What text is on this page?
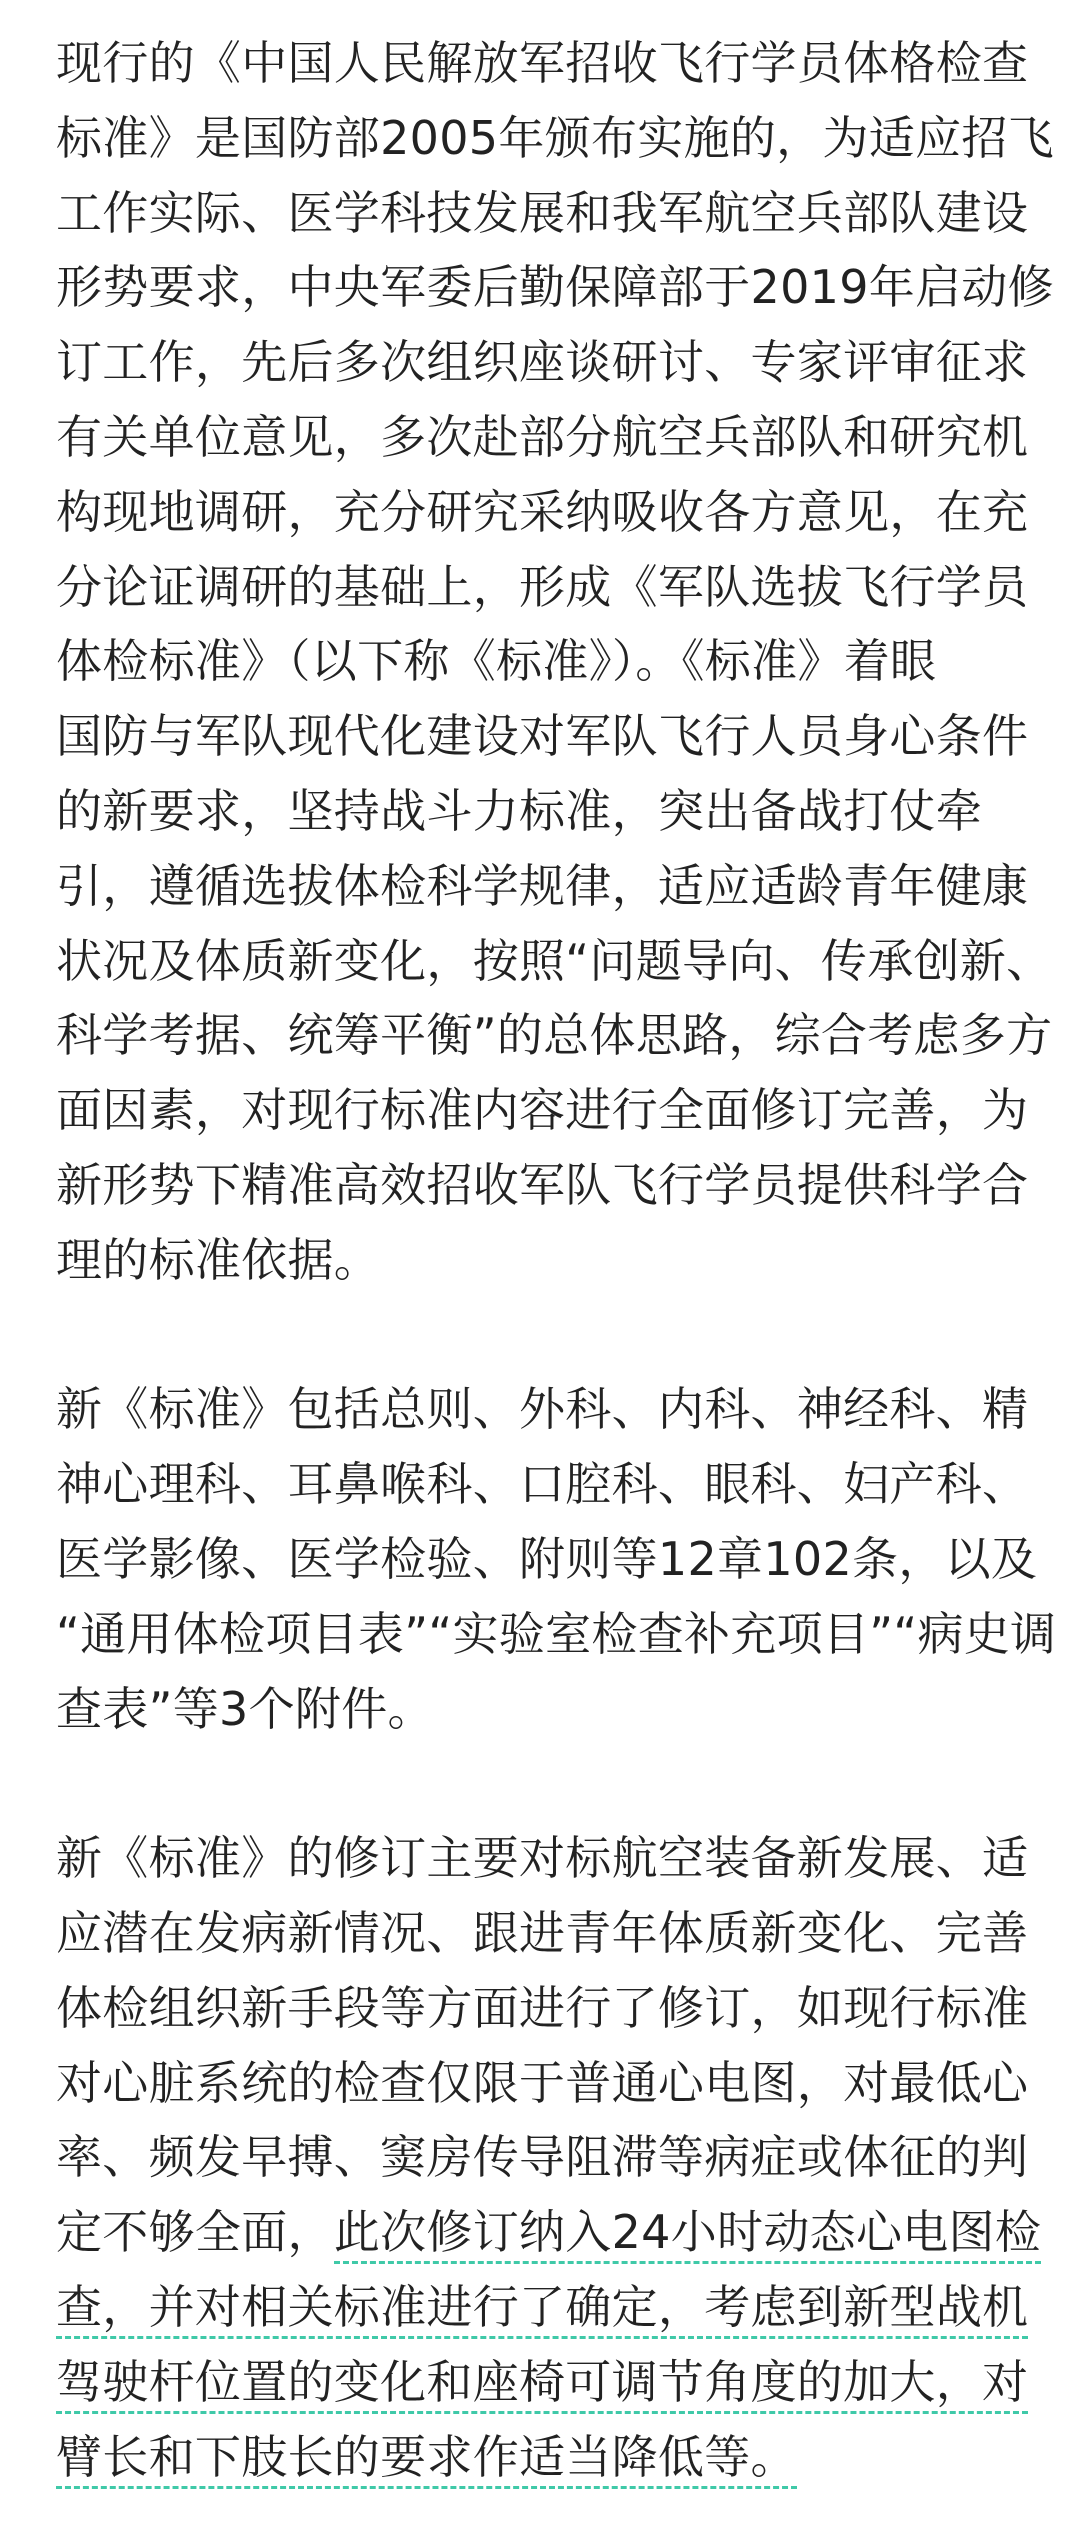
现行的《中国人民解放军招收飞行学员体格检查
标准》是国防部2005年颁布实施的，为适应招飞
工作实际、医学科技发展和我军航空兵部队建设
形势要求，中央军委后勤保障部于2019年启动修
订工作，先后多次组织座谈研讨、专家评审征求
有关单位意见，多次赴部分航空兵部队和研究机
构现地调研，充分研究采纳吸收各方意见，在充
分论证调研的基础上，形成《军队选拔飞行学员
体检标准》（以下称《标准》）。《标准》着眼
国防与军队现代化建设对军队飞行人员身心条件
的新要求，坚持战斗力标准，突出备战打仗牵
引，遵循选拔体检科学规律，适应适龄青年健康
状况及体质新变化，按照“问题导向、传承创新、
科学考据、统筹平衡”的总体思路，综合考虑多方
面因素，对现行标准内容进行全面修订完善，为
新形势下精准高效招收军队飞行学员提供科学合
理的标准依据。
新《标准》包括总则、外科、内科、神经科、精
神心理科、耳鼻喉科、口腔科、眼科、妇产科、
医学影像、医学检验、附则等12章102条，以及
“通用体检项目表”“实验室检查补充项目”“病史调
查表”等3个附件。
新《标准》的修订主要对标航空装备新发展、适
应潜在发病新情况、跟进青年体质新变化、完善
体检组织新手段等方面进行了修订，如现行标准
对心脏系统的检查仅限于普通心电图，对最低心
率、频发早搏、窦房传导阻滞等病症或体征的判
定不够全面，此次修订纳入24小时动态心电图检
查，并对相关标准进行了确定，考虑到新型战机
驾驶杆位置的变化和座椅可调节角度的加大，对
臂长和下肢长的要求作适当降低等。
